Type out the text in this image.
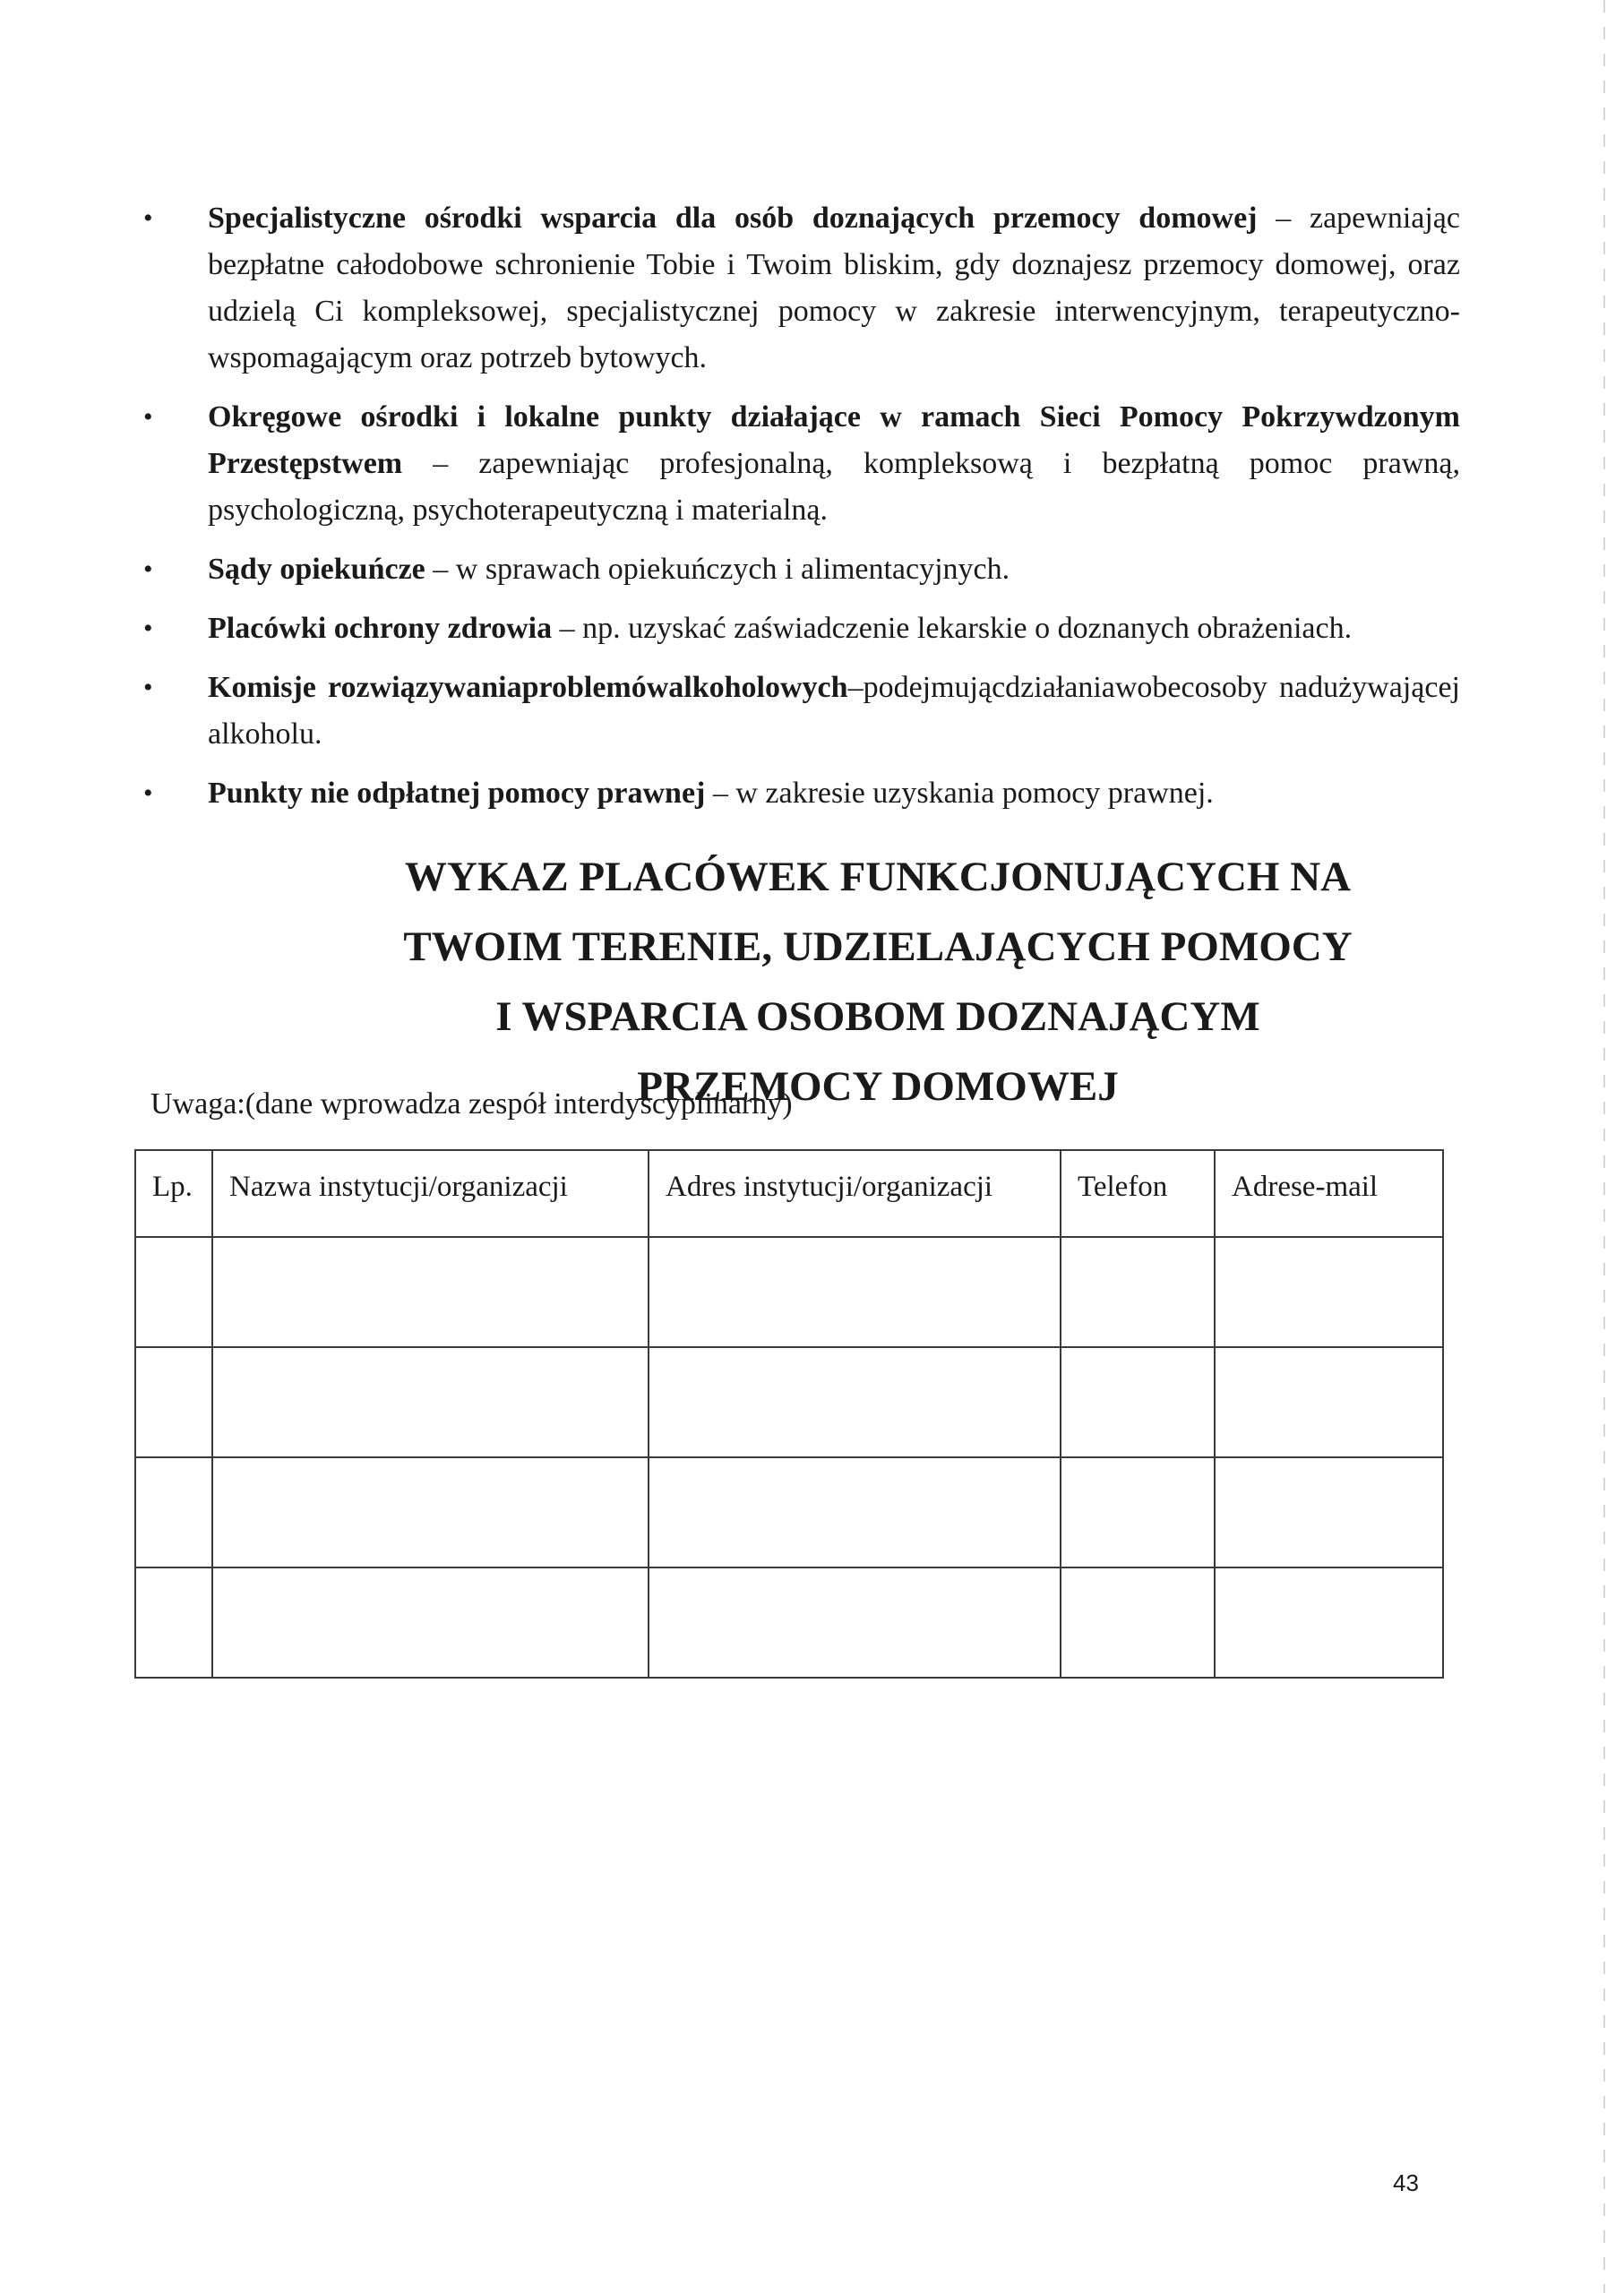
• Specjalistyczne ośrodki wsparcia dla osób doznających przemocy domowej – zapewniając bezpłatne całodobowe schronienie Tobie i Twoim bliskim, gdy doznajesz przemocy domowej, oraz udzielą Ci kompleksowej, specjalistycznej pomocy w zakresie interwencyjnym, terapeutyczno-wspomagającym oraz potrzeb bytowych.
• Okręgowe ośrodki i lokalne punkty działające w ramach Sieci Pomocy Pokrzywdzonym Przestępstwem – zapewniając profesjonalną, kompleksową i bezpłatną pomoc prawną, psychologiczną, psychoterapeutyczną i materialną.
• Sądy opiekuńcze – w sprawach opiekuńczych i alimentacyjnych.
• Placówki ochrony zdrowia – np. uzyskać zaświadczenie lekarskie o doznanych obrażeniach.
• Komisje rozwiązywaniaproblemówalkoholowych–podejmującdziałaniawobecosoby nadużywającej alkoholu.
• Punkty nie odpłatnej pomocy prawnej – w zakresie uzyskania pomocy prawnej.
WYKAZ PLACÓWEK FUNKCJONUJĄCYCH NA
TWOIM TERENIE, UDZIELAJĄCYCH POMOCY
I WSPARCIA OSOBOM DOZNAJĄCYM
PRZEMOCY DOMOWEJ
Uwaga:(dane wprowadza zespół interdyscyplinarny)
Lp.	Nazwa instytucji/organizacji	Adres instytucji/organizacji	Telefon	Adrese-mail

43
